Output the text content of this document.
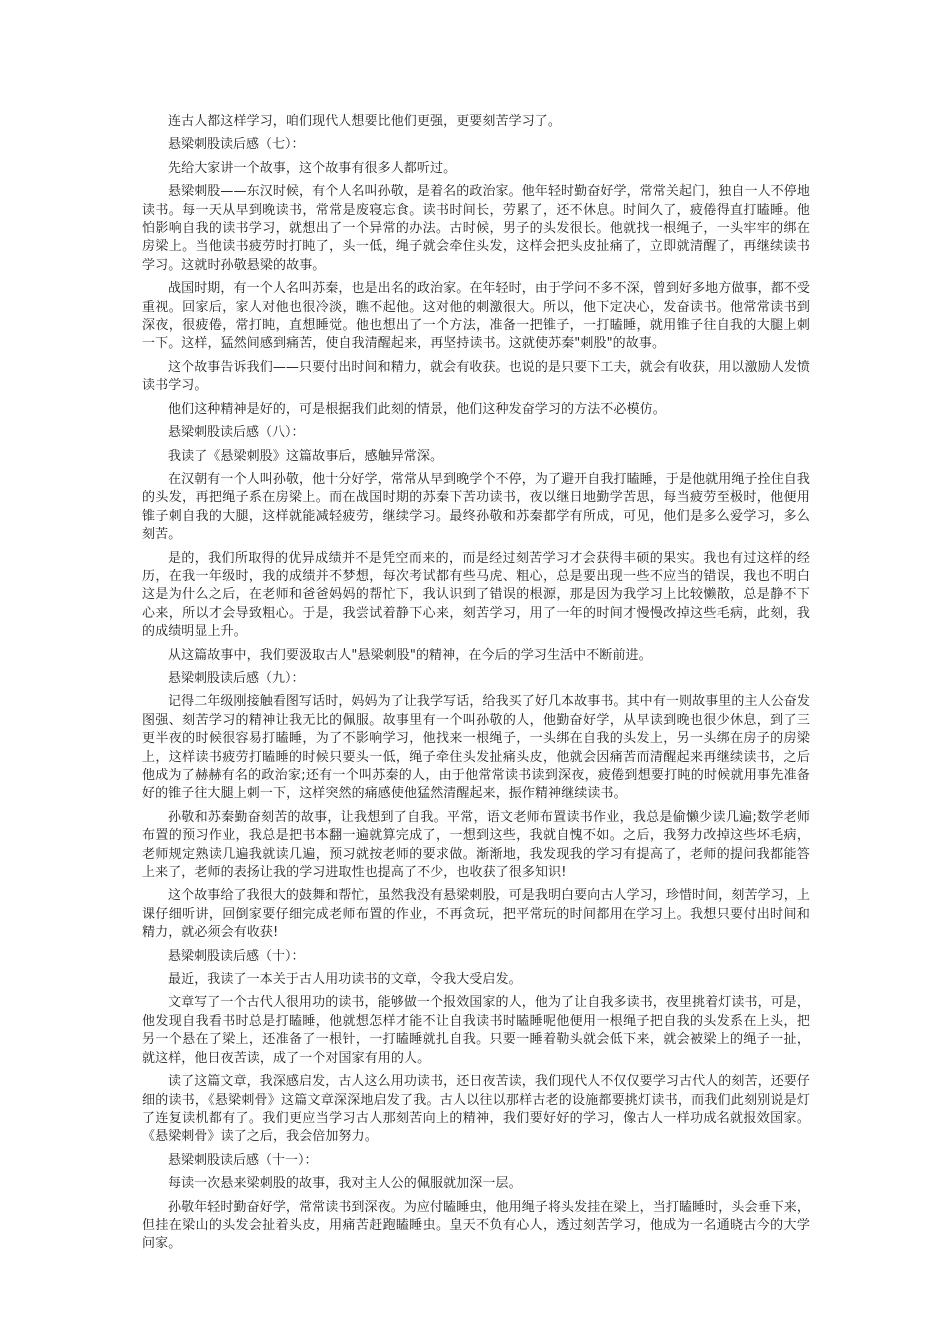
连古人都这样学习，咱们现代人想要比他们更强，更要刻苦学习了。

悬梁刺股读后感（七）：

先给大家讲一个故事，这个故事有很多人都听过。

悬梁刺股——东汉时候，有个人名叫孙敬，是着名的政治家。他年轻时勤奋好学，常常关起门，独自一人不停地读书。每一天从早到晚读书，常常是废寝忘食。读书时间长，劳累了，还不休息。时间久了，疲倦得直打瞌睡。他怕影响自我的读书学习，就想出了一个异常的办法。古时候，男子的头发很长。他就找一根绳子，一头牢牢的绑在房梁上。当他读书疲劳时打盹了，头一低，绳子就会牵住头发，这样会把头皮扯痛了，立即就清醒了，再继续读书学习。这就时孙敬悬梁的故事。

战国时期，有一个人名叫苏秦，也是出名的政治家。在年轻时，由于学问不多不深，曾到好多地方做事，都不受重视。回家后，家人对他也很冷淡，瞧不起他。这对他的刺激很大。所以，他下定决心，发奋读书。他常常读书到深夜，很疲倦，常打盹，直想睡觉。他也想出了一个方法，准备一把锥子，一打瞌睡，就用锥子往自我的大腿上刺一下。这样，猛然间感到痛苦，使自我清醒起来，再坚持读书。这就使苏秦"刺股"的故事。

这个故事告诉我们——只要付出时间和精力，就会有收获。也说的是只要下工夫，就会有收获，用以激励人发愤读书学习。

他们这种精神是好的，可是根据我们此刻的情景，他们这种发奋学习的方法不必模仿。

悬梁刺股读后感（八）：

我读了《悬梁刺股》这篇故事后，感触异常深。

在汉朝有一个人叫孙敬，他十分好学，常常从早到晚学个不停，为了避开自我打瞌睡，于是他就用绳子拴住自我的头发，再把绳子系在房梁上。而在战国时期的苏秦下苦功读书，夜以继日地勤学苦思，每当疲劳至极时，他便用锥子刺自我的大腿，这样就能减轻疲劳，继续学习。最终孙敬和苏秦都学有所成，可见，他们是多么爱学习，多么刻苦。

是的，我们所取得的优异成绩并不是凭空而来的，而是经过刻苦学习才会获得丰硕的果实。我也有过这样的经历，在我一年级时，我的成绩并不梦想，每次考试都有些马虎、粗心，总是要出现一些不应当的错误，我也不明白这是为什么之后，在老师和爸爸妈妈的帮忙下，我认识到了错误的根源，那是因为我学习上比较懒散，总是静不下心来，所以才会导致粗心。于是，我尝试着静下心来，刻苦学习，用了一年的时间才慢慢改掉这些毛病，此刻，我的成绩明显上升。

从这篇故事中，我们要汲取古人"悬梁刺股"的精神，在今后的学习生活中不断前进。

悬梁刺股读后感（九）：

记得二年级刚接触看图写话时，妈妈为了让我学写话，给我买了好几本故事书。其中有一则故事里的主人公奋发图强、刻苦学习的精神让我无比的佩服。故事里有一个叫孙敬的人，他勤奋好学，从早读到晚也很少休息，到了三更半夜的时候很容易打瞌睡，为了不影响学习，他找来一根绳子，一头绑在自我的头发上，另一头绑在房子的房梁上，这样读书疲劳打瞌睡的时候只要头一低，绳子牵住头发扯痛头皮，他就会因痛苦而清醒起来再继续读书，之后他成为了赫赫有名的政治家;还有一个叫苏秦的人，由于他常常读书读到深夜，疲倦到想要打盹的时候就用事先准备好的锥子往大腿上刺一下，这样突然的痛感使他猛然清醒起来，振作精神继续读书。

孙敬和苏秦勤奋刻苦的故事，让我想到了自我。平常，语文老师布置读书作业，我总是偷懒少读几遍;数学老师布置的预习作业，我总是把书本翻一遍就算完成了，一想到这些，我就自愧不如。之后，我努力改掉这些坏毛病，老师规定熟读几遍我就读几遍，预习就按老师的要求做。渐渐地，我发现我的学习有提高了，老师的提问我都能答上来了，老师的表扬让我的学习进取性也提高了不少，也收获了很多知识!

这个故事给了我很大的鼓舞和帮忙，虽然我没有悬梁刺股，可是我明白要向古人学习，珍惜时间，刻苦学习，上课仔细听讲，回倒家要仔细完成老师布置的作业，不再贪玩，把平常玩的时间都用在学习上。我想只要付出时间和精力，就必须会有收获!

悬梁刺股读后感（十）：

最近，我读了一本关于古人用功读书的文章，令我大受启发。

文章写了一个古代人很用功的读书，能够做一个报效国家的人，他为了让自我多读书，夜里挑着灯读书，可是，他发现自我看书时总是打瞌睡，他就想怎样才能不让自我读书时瞌睡呢他便用一根绳子把自我的头发系在上头，把另一个悬在了梁上，还准备了一根针，一打瞌睡就扎自我。只要一睡着勒头就会低下来，就会被梁上的绳子一扯，就这样，他日夜苦读，成了一个对国家有用的人。

读了这篇文章，我深感启发，古人这么用功读书，还日夜苦读，我们现代人不仅仅要学习古代人的刻苦，还要仔细的读书，《悬梁刺骨》这篇文章深深地启发了我。古人以往以那样古老的设施都要挑灯读书，而我们此刻别说是灯了连复读机都有了。我们更应当学习古人那刻苦向上的精神，我们要好好的学习，像古人一样功成名就报效国家。《悬梁刺骨》读了之后，我会倍加努力。

悬梁刺股读后感（十一）：

每读一次悬来梁刺股的故事，我对主人公的佩服就加深一层。

孙敬年轻时勤奋好学，常常读书到深夜。为应付瞌睡虫，他用绳子将头发挂在梁上，当打瞌睡时，头会垂下来，但挂在梁山的头发会扯着头皮，用痛苦赶跑瞌睡虫。皇天不负有心人，透过刻苦学习，他成为一名通晓古今的大学问家。
